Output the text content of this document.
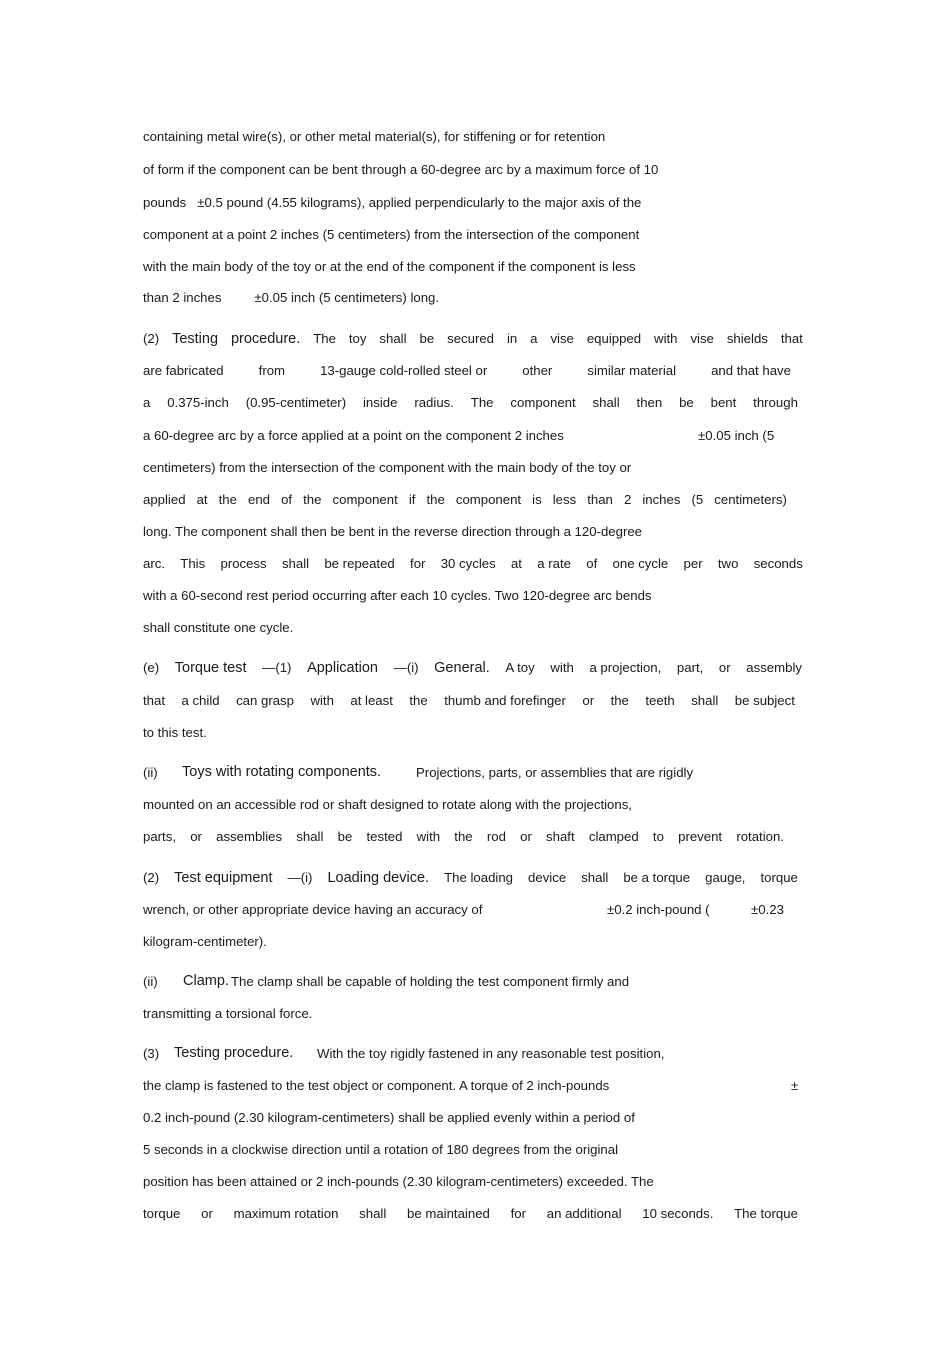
containing metal wire(s), or other metal material(s), for stiffening or for retention
of form if the component can be bent through a 60-degree arc by a maximum force of 10
pounds   ±0.5 pound (4.55 kilograms), applied perpendicularly to the major axis of the
component at a point 2 inches (5 centimeters) from the intersection of the component
with the main body of the toy or at the end of the component if the component is less
than 2 inches         ±0.05 inch (5 centimeters) long.
(2) Testing procedure. The toy shall be secured in a vise equipped with vise shields that
are fabricated	from	13-gauge cold-rolled steel or	other	similar material	and that have
a 0.375-inch (0.95-centimeter) inside radius. The component shall then be bent through
a 60-degree arc by a force applied at a point on the component 2 inches	±0.05 inch (5
centimeters) from the intersection of the component with the main body of the toy or
applied at the end of the component if the component is less than 2 inches (5 centimeters)
long. The component shall then be bent in the reverse direction through a 120-degree
arc. This process shall be repeated for 30 cycles at a rate of one cycle per two seconds
with a 60-second rest period occurring after each 10 cycles. Two 120-degree arc bends
shall constitute one cycle.
(e) Torque test —(1) Application —(i) General. A toy with a projection, part, or assembly
that a child can grasp with at least the thumb and forefinger or the teeth shall be subject
to this test.
(ii) Toys with rotating components.	Projections, parts, or assemblies that are rigidly
mounted on an accessible rod or shaft designed to rotate along with the projections,
parts, or assemblies shall be tested with the rod or shaft clamped to prevent rotation.
(2) Test equipment —(i) Loading device. The loading device shall be a torque gauge, torque
wrench, or other appropriate device having an accuracy of	±0.2 inch-pound (	±0.23
kilogram-centimeter).
(ii) Clamp. The clamp shall be capable of holding the test component firmly and
transmitting a torsional force.
(3) Testing procedure. With the toy rigidly fastened in any reasonable test position,
the clamp is fastened to the test object or component. A torque of 2 inch-pounds	±
0.2 inch-pound (2.30 kilogram-centimeters) shall be applied evenly within a period of
5 seconds in a clockwise direction until a rotation of 180 degrees from the original
position has been attained or 2 inch-pounds (2.30 kilogram-centimeters) exceeded. The
torque or maximum rotation shall be maintained for an additional 10 seconds. The torque
